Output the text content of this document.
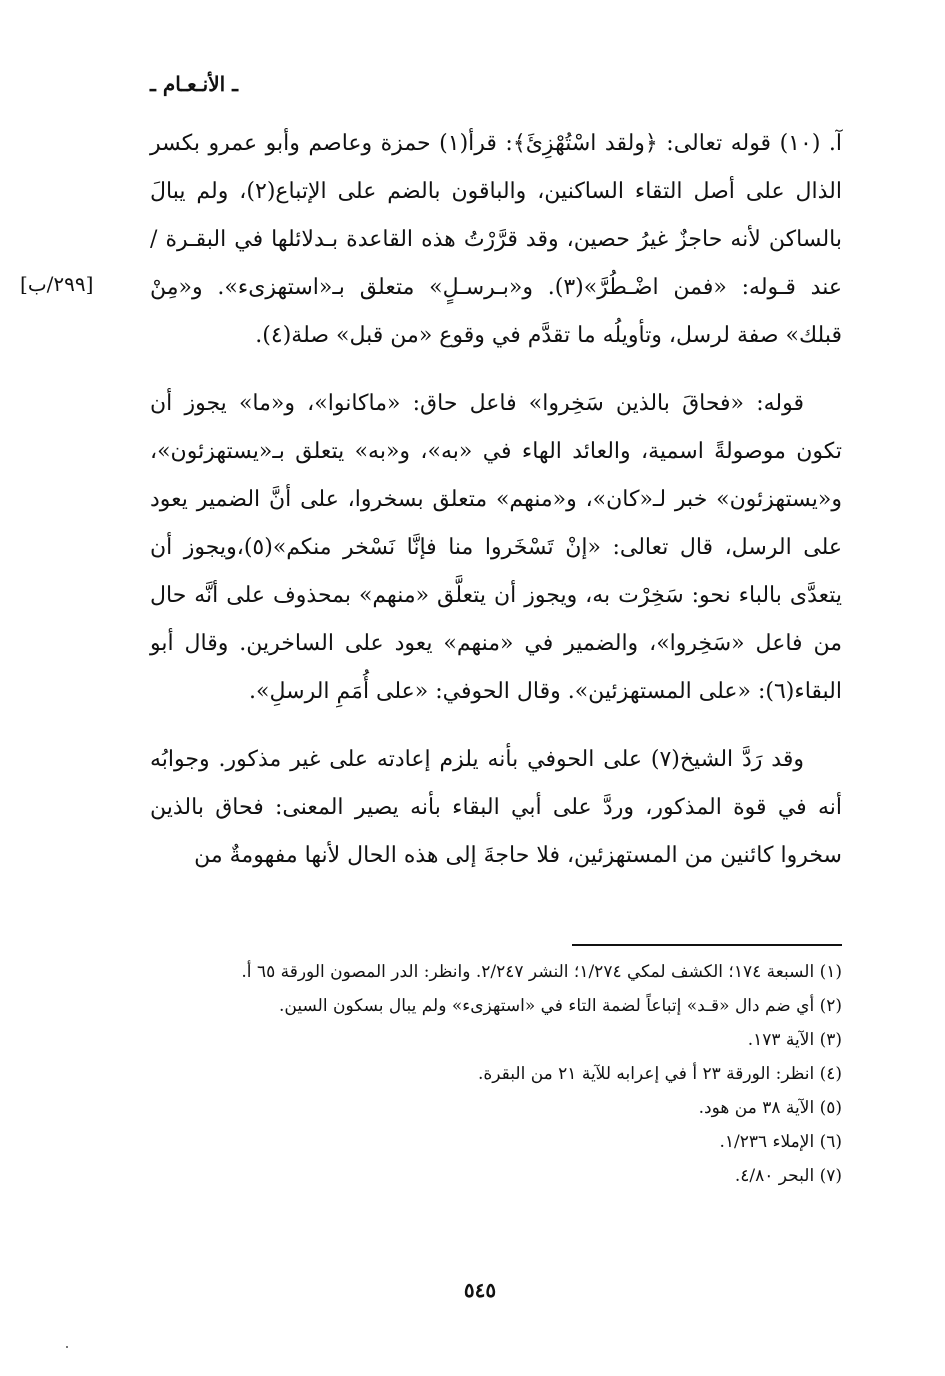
ـ الأنـعـام ـ

آ. (١٠) قوله تعالى: ﴿ولقد اسْتُهْزِئَ﴾: قرأ(١) حمزة وعاصم وأبو عمرو بكسر الذال على أصل التقاء الساكنين، والباقون بالضم على الإتباع(٢)، ولم يبالَ بالساكن لأنه حاجزٌ غيرُ حصين، وقد قرَّرْتُ هذه القاعدة بـدلائلها في البقـرة / عند قـوله: «فمن اضْـطُرَّ»(٣). و«بـرسـلٍ» متعلق بـ«استهزىء». و«مِنْ قبلك» صفة لرسل، وتأويلُه ما تقدَّم في وقوع «من قبل» صلة(٤).

قوله: «فحاقَ بالذين سَخِروا» فاعل حاق: «ماكانوا»، و«ما» يجوز أن تكون موصولةً اسمية، والعائد الهاء في «به»، و«به» يتعلق بـ«يستهزئون»، و«يستهزئون» خبر لـ«كان»، و«منهم» متعلق بسخروا، على أنَّ الضمير يعود على الرسل، قال تعالى: «إنْ تَسْخَروا منا فإنَّا نَسْخر منكم»(٥)،ويجوز أن يتعدَّى بالباء نحو: سَخِرْت به، ويجوز أن يتعلَّق «منهم» بمحذوف على أنَّه حال من فاعل «سَخِروا»، والضمير في «منهم» يعود على الساخرين. وقال أبو البقاء(٦): «على المستهزئين». وقال الحوفي: «على أُمَمِ الرسلِ».

وقد رَدَّ الشيخ(٧) على الحوفي بأنه يلزم إعادته على غير مذكور. وجوابُه أنه في قوة المذكور، وردَّ على أبي البقاء بأنه يصير المعنى: فحاق بالذين سخروا كائنين من المستهزئين، فلا حاجةَ إلى هذه الحال لأنها مفهومةٌ من

[٢٩٩/ب]
(١) السبعة ١٧٤؛ الكشف لمكي ١/٢٧٤؛ النشر ٢/٢٤٧. وانظر: الدر المصون الورقة ٦٥ أ.
(٢) أي ضم دال «قـد» إتباعاً لضمة التاء في «استهزىء» ولم يبال بسكون السين.
(٣) الآية ١٧٣.
(٤) انظر: الورقة ٢٣ أ في إعرابه للآية ٢١ من البقرة.
(٥) الآية ٣٨ من هود.
(٦) الإملاء ١/٢٣٦.
(٧) البحر ٤/٨٠.
٥٤٥
